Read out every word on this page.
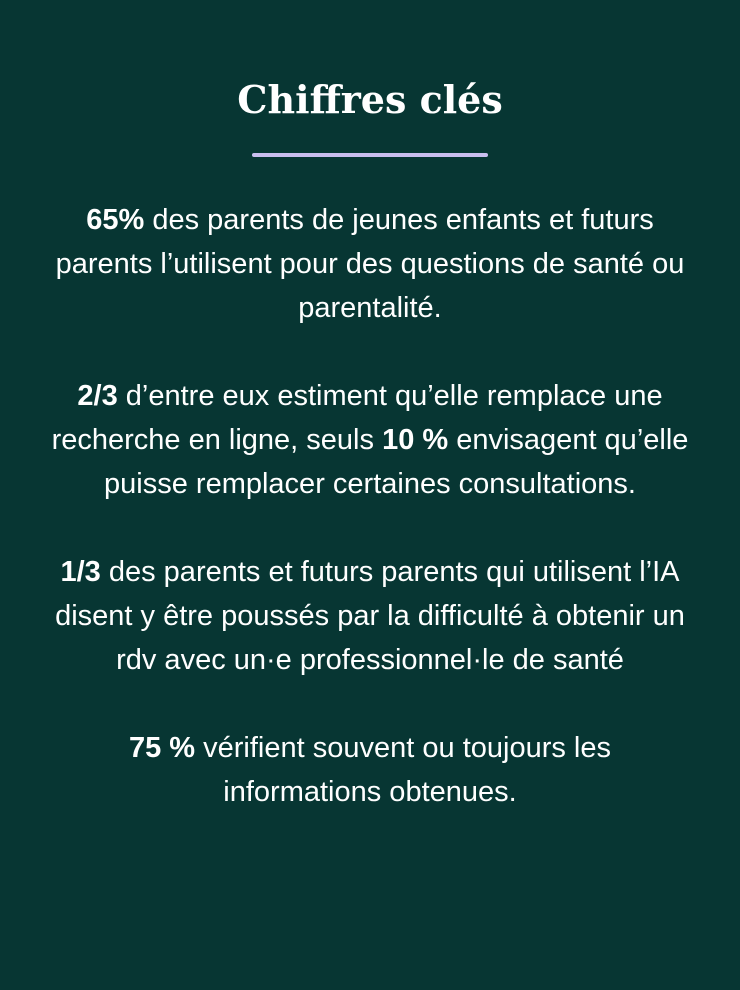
Chiffres clés

65% des parents de jeunes enfants et futurs parents l’utilisent pour des questions de santé ou parentalité.

2/3 d’entre eux estiment qu’elle remplace une recherche en ligne, seuls 10 % envisagent qu’elle puisse remplacer certaines consultations.

1/3 des parents et futurs parents qui utilisent l’IA disent y être poussés par la difficulté à obtenir un rdv avec un·e professionnel·le de santé

75 % vérifient souvent ou toujours les informations obtenues.
